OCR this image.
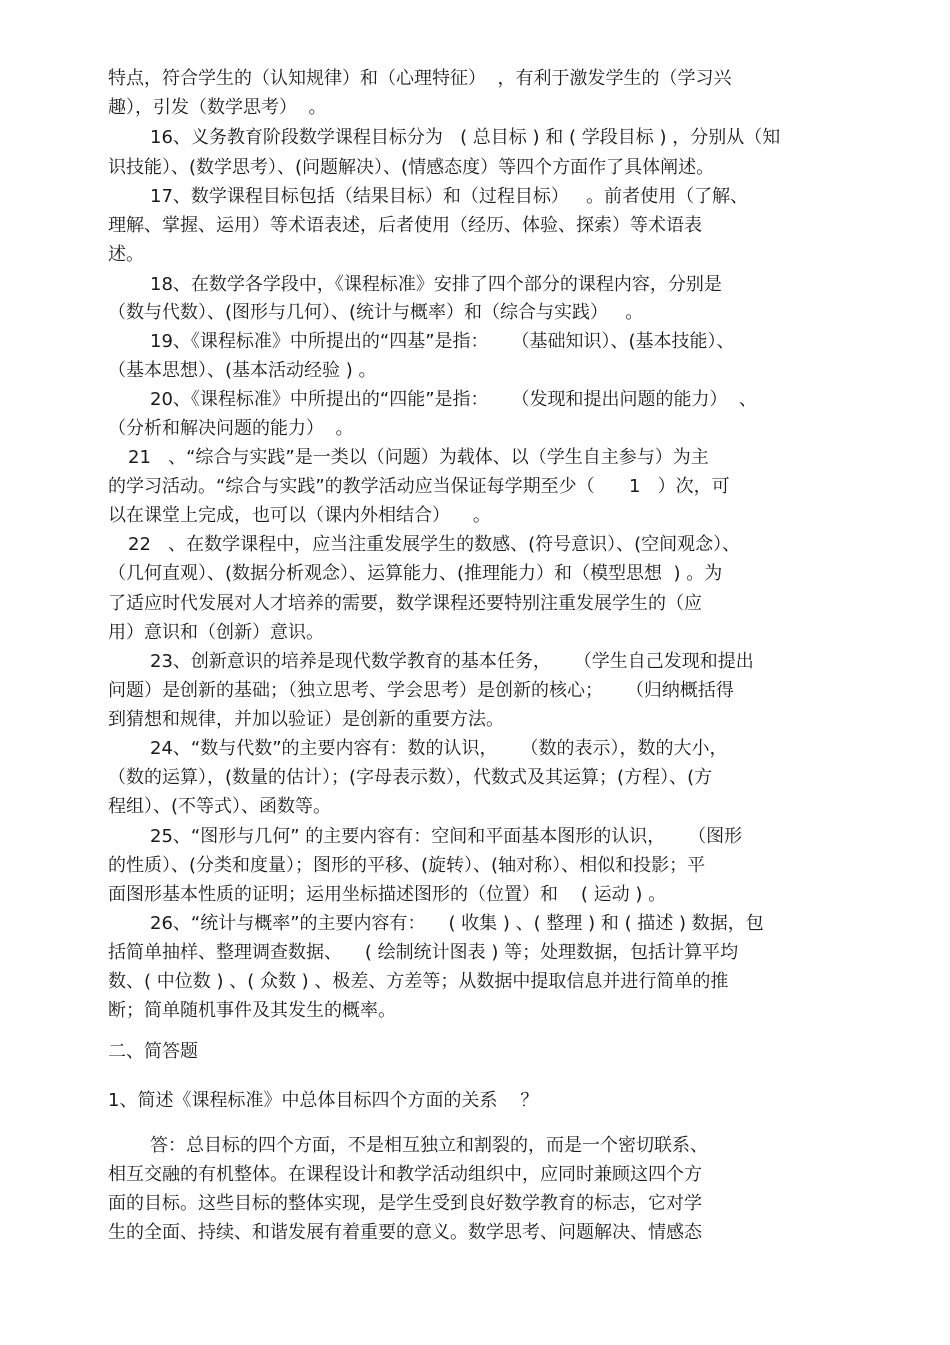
特点，符合学生的（认知规律）和（心理特征）  ，有利于激发学生的（学习兴
趣），引发（数学思考）  。
16、义务教育阶段数学课程目标分为   ( 总目标 ) 和 ( 学段目标 ) ，分别从（知
识技能）、(数学思考）、(问题解决）、(情感态度）等四个方面作了具体阐述。
17、数学课程目标包括（结果目标）和（过程目标）   。前者使用（了解、
理解、掌握、运用）等术语表述，后者使用（经历、体验、探索）等术语表
述。
18、在数学各学段中，《课程标准》安排了四个部分的课程内容，分别是
（数与代数）、(图形与几何）、(统计与概率）和（综合与实践）   。
19、《课程标准》中所提出的“四基”是指：    （基础知识）、(基本技能）、
（基本思想）、(基本活动经验 ) 。
20、《课程标准》中所提出的“四能”是指：    （发现和提出问题的能力）  、
（分析和解决问题的能力）  。
21   、“综合与实践”是一类以（问题）为载体、以（学生自主参与）为主
的学习活动。“综合与实践”的教学活动应当保证每学期至少（      1   ）次，可
以在课堂上完成，也可以（课内外相结合）    。
22   、在数学课程中，应当注重发展学生的数感、(符号意识）、(空间观念）、
（几何直观）、(数据分析观念）、运算能力、(推理能力）和（模型思想  ) 。为
了适应时代发展对人才培养的需要，数学课程还要特别注重发展学生的（应
用）意识和（创新）意识。
23、创新意识的培养是现代数学教育的基本任务，    （学生自己发现和提出
问题）是创新的基础；（独立思考、学会思考）是创新的核心；    （归纳概括得
到猜想和规律，并加以验证）是创新的重要方法。
24、“数与代数”的主要内容有：数的认识，    （数的表示），数的大小，
（数的运算），(数量的估计）；(字母表示数），代数式及其运算；(方程）、(方
程组）、(不等式）、函数等。
25、“图形与几何” 的主要内容有：空间和平面基本图形的认识，    （图形
的性质）、(分类和度量）；图形的平移、(旋转）、(轴对称）、相似和投影；平
面图形基本性质的证明；运用坐标描述图形的（位置）和    ( 运动 ) 。
26、“统计与概率”的主要内容有：    ( 收集 ) 、( 整理 ) 和 ( 描述 ) 数据，包
括简单抽样、整理调查数据、    ( 绘制统计图表 ) 等；处理数据，包括计算平均
数、( 中位数 ) 、( 众数 ) 、极差、方差等；从数据中提取信息并进行简单的推
断；简单随机事件及其发生的概率。
二、简答题
1、简述《课程标准》中总体目标四个方面的关系    ？
答：总目标的四个方面，不是相互独立和割裂的，而是一个密切联系、
相互交融的有机整体。在课程设计和教学活动组织中，应同时兼顾这四个方
面的目标。这些目标的整体实现，是学生受到良好数学教育的标志，它对学
生的全面、持续、和谐发展有着重要的意义。数学思考、问题解决、情感态
